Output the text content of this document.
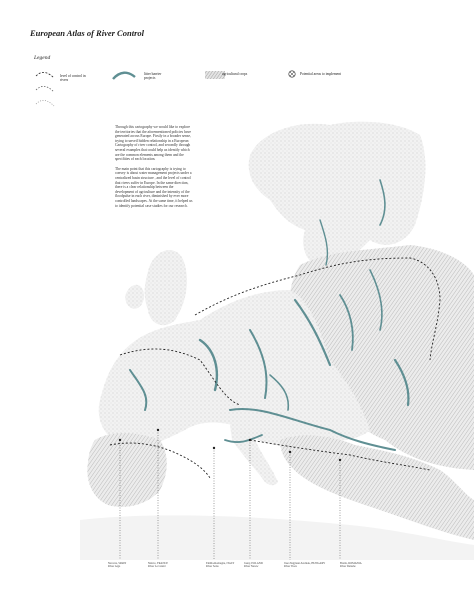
European Atlas of River Control
Legend
level of control in rivers
litter barrier projects
agricultural crops	Potential areas to implement

Through this cartography we would like to explore the territories that the aforementioned policies have generated across Europe. Firstly in a broader sense, trying to unveil hidden relationship in a European Cartography of river control, and secondly through several examples that could help us identify which are the common elements among them and the specifities of each location.

The main point that this cartography is trying to convey is about water management projects under a centralized basin structure , and the level of control that rivers suffer in Europe. In the same direction, there is a clear relationship between the development of agriculture and the intensity of the floodpulse in each river, diminished by ever more controlled landscapes. At the same time, it helped us to identify potential case studies for our research.

Navarra, SPAIN
River Arga
Nièvre, FRANCE
River Le Gland
Emilia-Romagna, ITALY
River Serio
Jasny, POLAND
River Narew
Jász-Nagykun-Szolnok, HUNGARY
River Tisza
Braila, ROMANIA
River Danube
